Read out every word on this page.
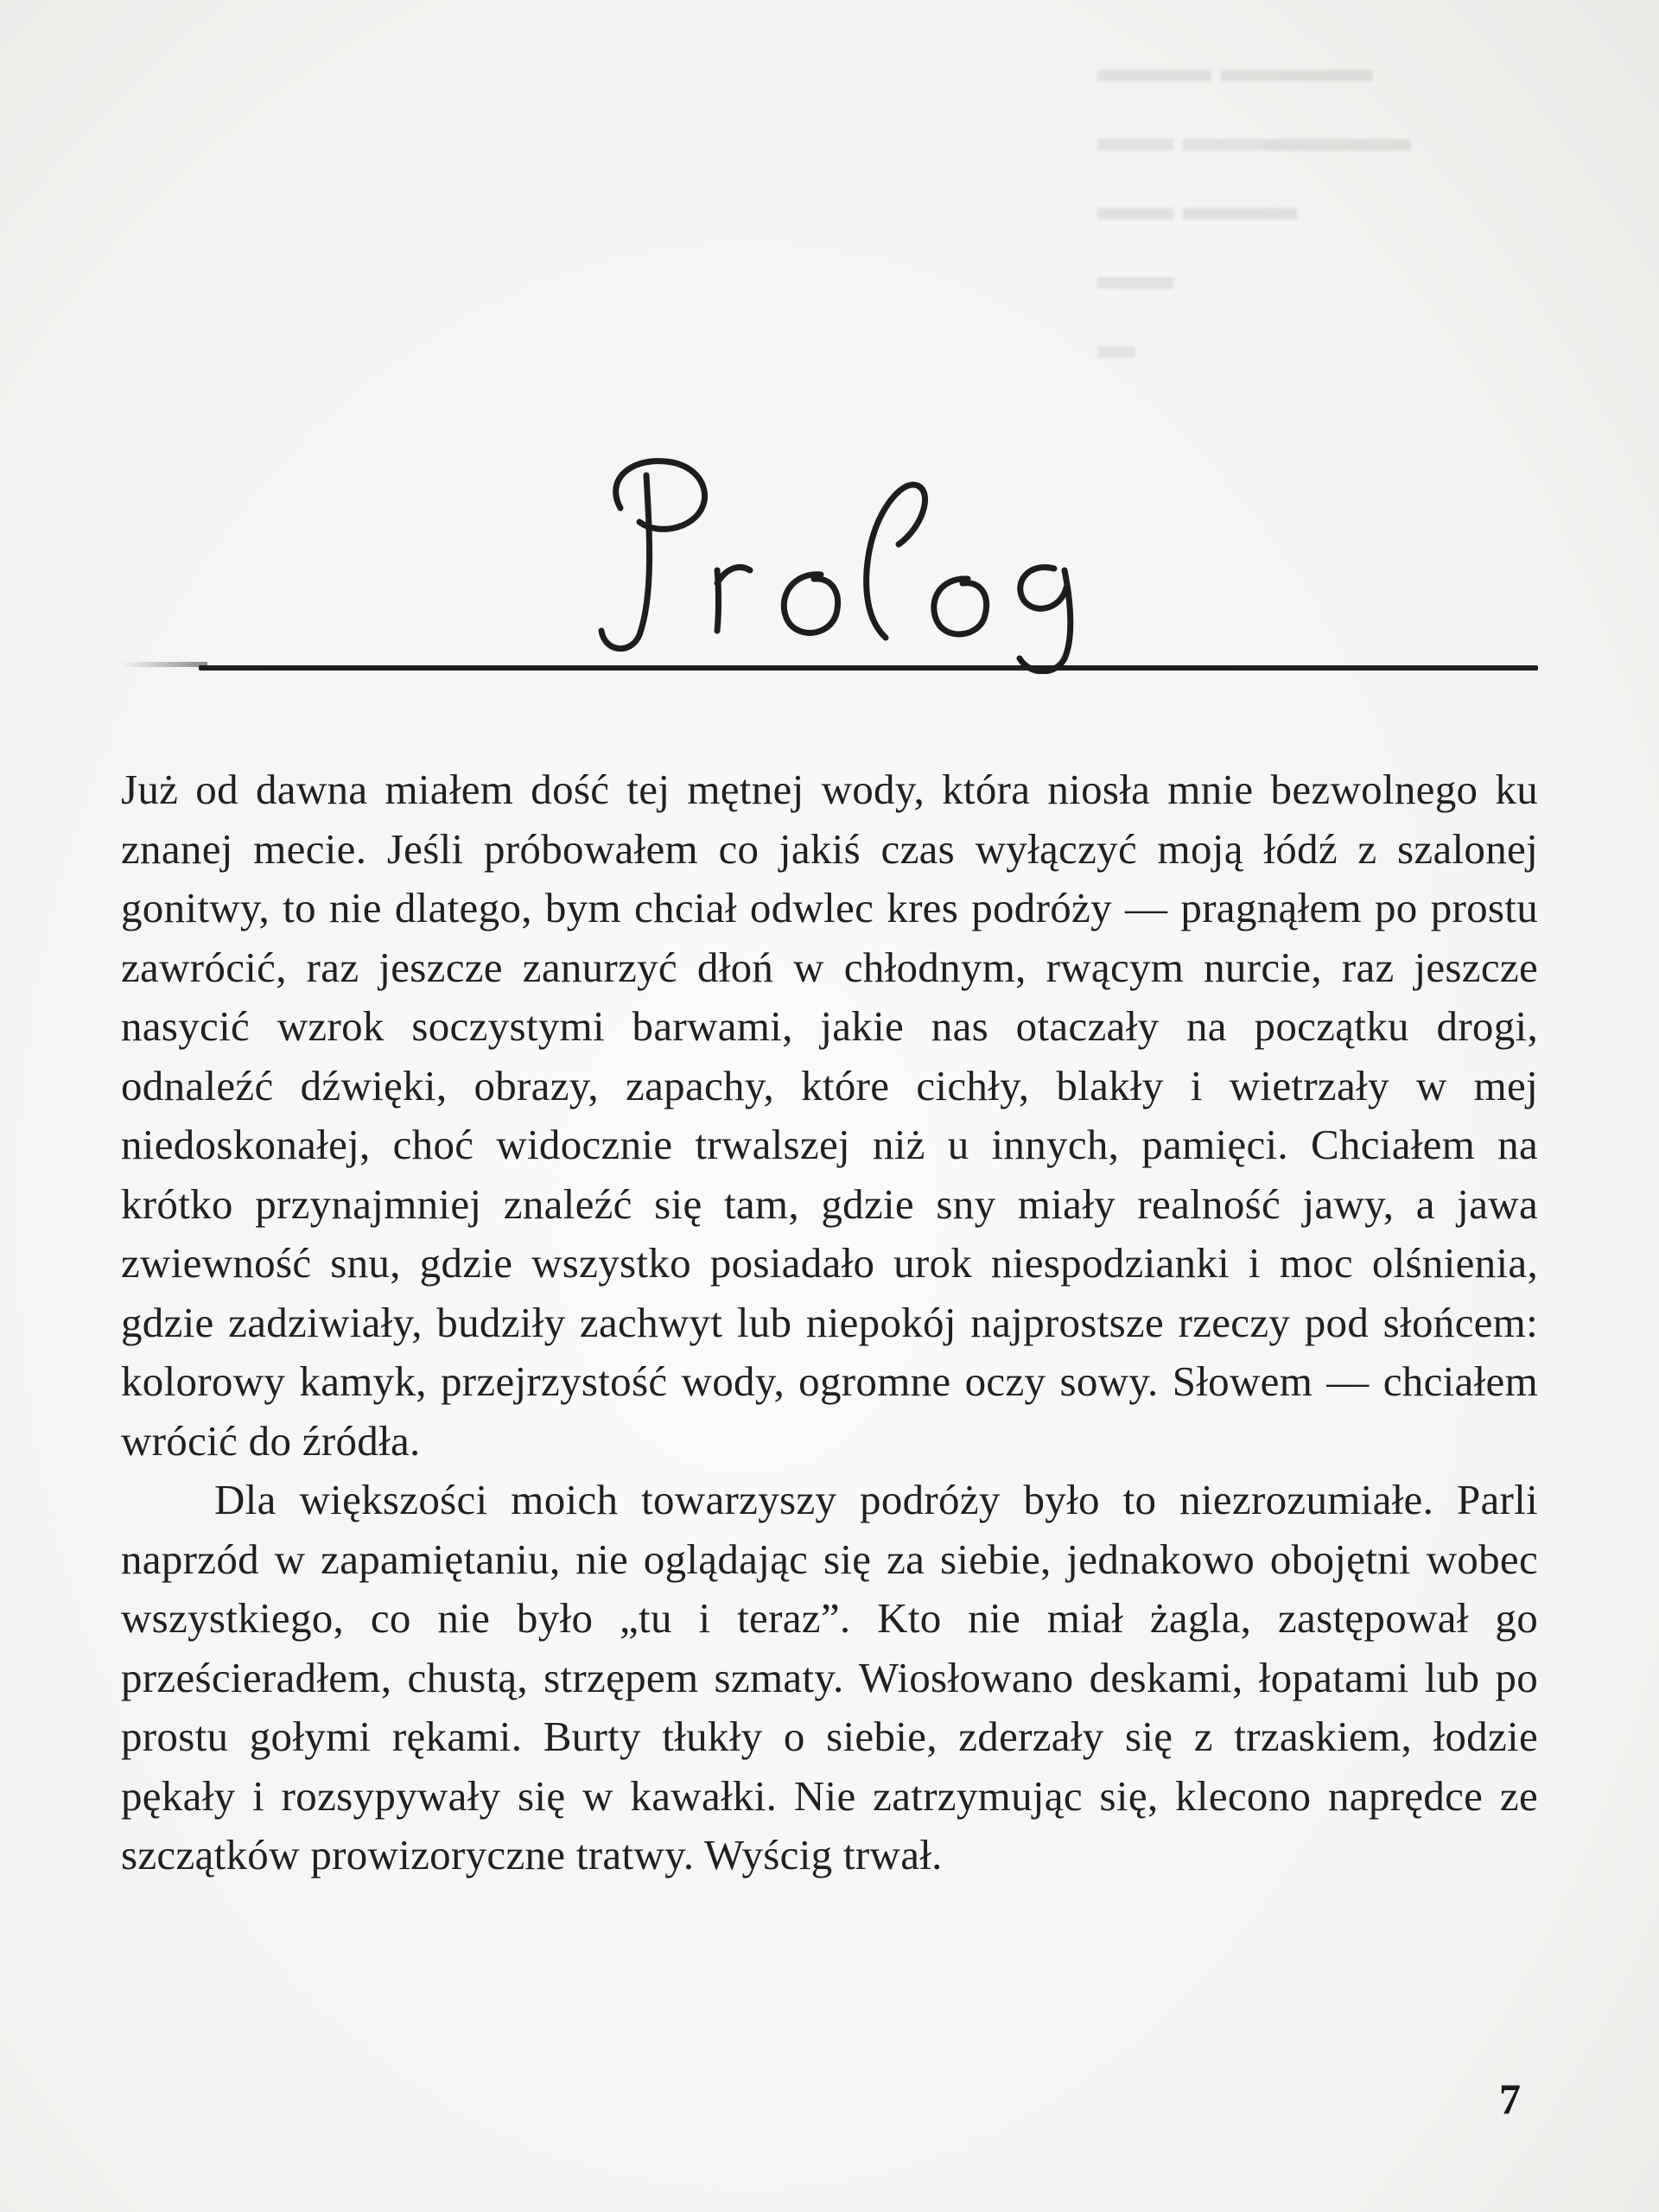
▬▬▬▬ ▬▬▬
▬▬▬▬▬▬ ▬▬
▬▬▬ ▬▬
▬▬
▬

Już od dawna miałem dość tej mętnej wody, która niosła mnie bezwolnego ku znanej mecie. Jeśli próbowałem co jakiś czas wyłączyć moją łódź z szalonej gonitwy, to nie dlatego, bym chciał odwlec kres podróży — pragnąłem po prostu zawrócić, raz jeszcze zanurzyć dłoń w chłodnym, rwącym nurcie, raz jeszcze nasycić wzrok soczystymi barwami, jakie nas otaczały na początku drogi, odnaleźć dźwięki, obrazy, zapachy, które cichły, blakły i wietrzały w mej niedoskonałej, choć widocznie trwalszej niż u innych, pamięci. Chciałem na krótko przynajmniej znaleźć się tam, gdzie sny miały realność jawy, a jawa zwiewność snu, gdzie wszystko posiadało urok niespodzianki i moc olśnienia, gdzie zadziwiały, budziły zachwyt lub niepokój najprostsze rzeczy pod słońcem: kolorowy kamyk, przejrzystość wody, ogromne oczy sowy. Słowem — chciałem wrócić do źródła.

Dla większości moich towarzyszy podróży było to niezrozumiałe. Parli naprzód w zapamiętaniu, nie oglądając się za siebie, jednakowo obojętni wobec wszystkiego, co nie było „tu i teraz”. Kto nie miał żagla, zastępował go prześcieradłem, chustą, strzępem szmaty. Wiosłowano deskami, łopatami lub po prostu gołymi rękami. Burty tłukły o siebie, zderzały się z trzaskiem, łodzie pękały i rozsypywały się w kawałki. Nie zatrzymując się, klecono naprędce ze szczątków prowizoryczne tratwy. Wyścig trwał.

7
